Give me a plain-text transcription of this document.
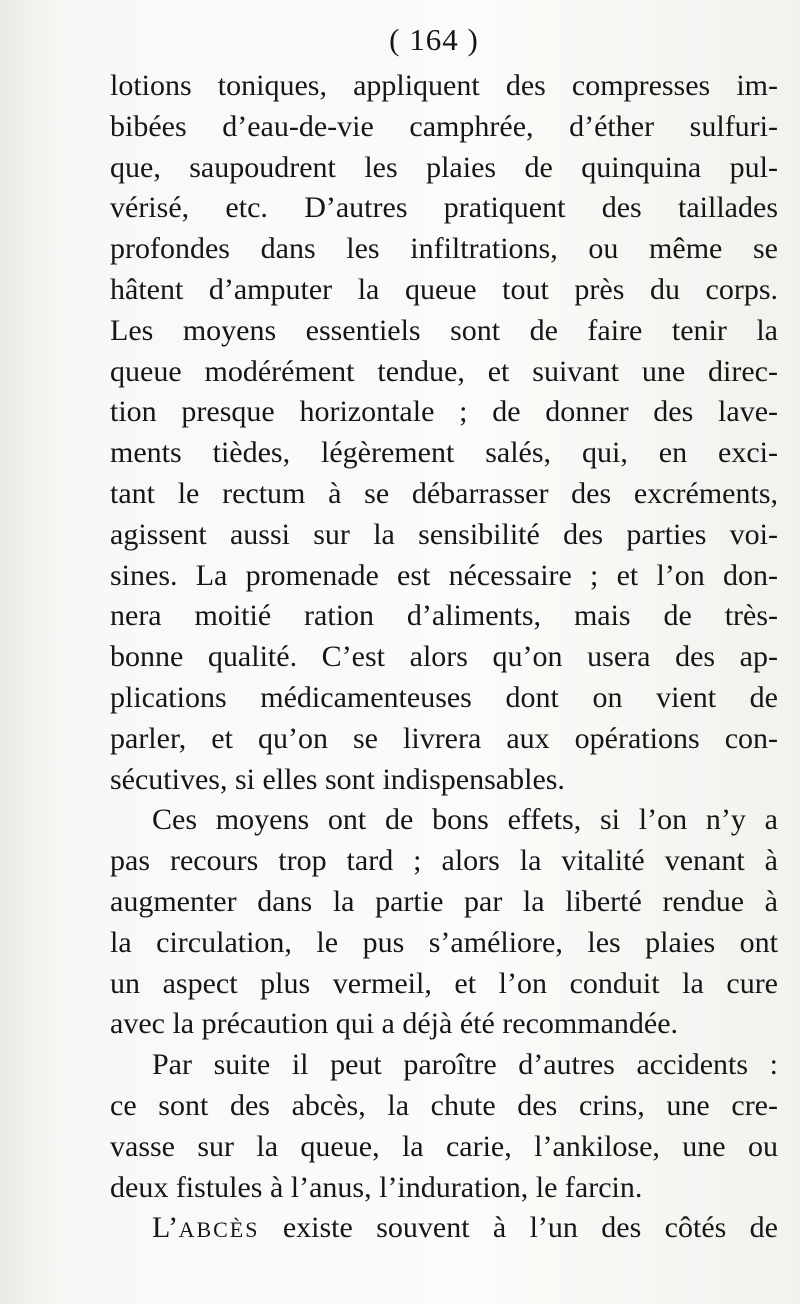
( 164 )
lotions toniques, appliquent des compresses im-
bibées d’eau-de-vie camphrée, d’éther sulfuri-
que, saupoudrent les plaies de quinquina pul-
vérisé, etc. D’autres pratiquent des taillades
profondes dans les infiltrations, ou même se
hâtent d’amputer la queue tout près du corps.
Les moyens essentiels sont de faire tenir la
queue modérément tendue, et suivant une direc-
tion presque horizontale ; de donner des lave-
ments tièdes, légèrement salés, qui, en exci-
tant le rectum à se débarrasser des excréments,
agissent aussi sur la sensibilité des parties voi-
sines. La promenade est nécessaire ; et l’on don-
nera moitié ration d’aliments, mais de très-
bonne qualité. C’est alors qu’on usera des ap-
plications médicamenteuses dont on vient de
parler, et qu’on se livrera aux opérations con-
sécutives, si elles sont indispensables.
Ces moyens ont de bons effets, si l’on n’y a
pas recours trop tard ; alors la vitalité venant à
augmenter dans la partie par la liberté rendue à
la circulation, le pus s’améliore, les plaies ont
un aspect plus vermeil, et l’on conduit la cure
avec la précaution qui a déjà été recommandée.
Par suite il peut paroître d’autres accidents :
ce sont des abcès, la chute des crins, une cre-
vasse sur la queue, la carie, l’ankilose, une ou
deux fistules à l’anus, l’induration, le farcin.
L’ABCÈS existe souvent à l’un des côtés de
